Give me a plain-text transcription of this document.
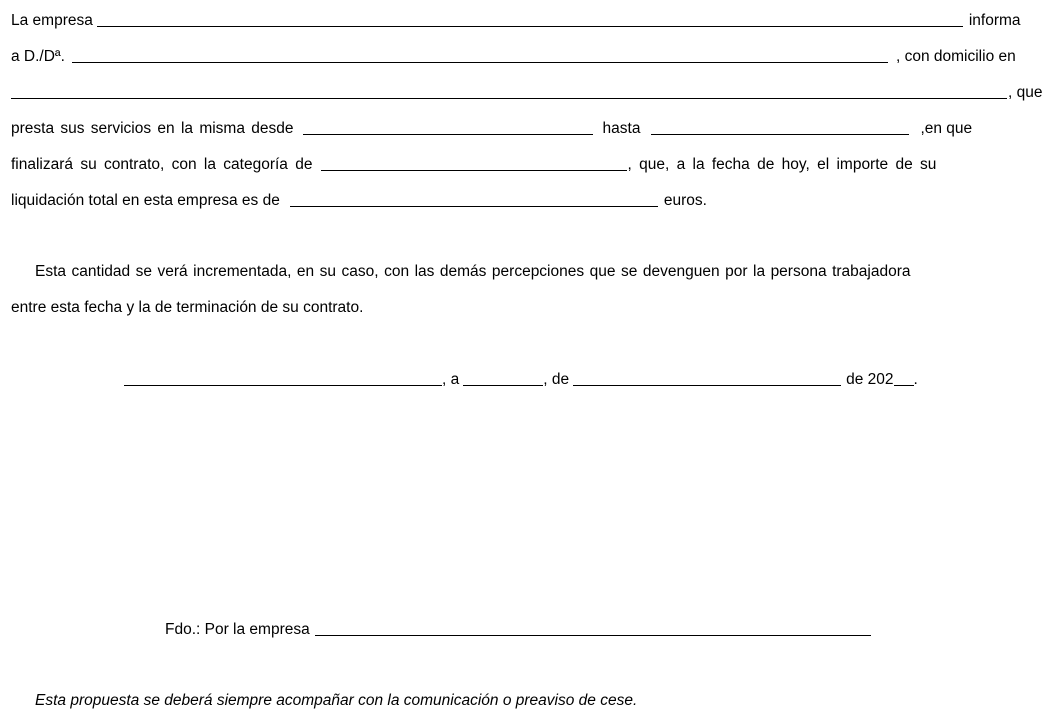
La empresa	informa
a D./Dª.	, con domicilio en
, que
presta sus servicios en la misma desde	hasta	,en que
finalizará su contrato, con la categoría de	, que, a la fecha de hoy, el importe de su
liquidación total en esta empresa es de	euros.
Esta cantidad se verá incrementada, en su caso, con las demás percepciones que se devenguen por la persona trabajadora
entre esta fecha y la de terminación de su contrato.
, a	, de	de 202 .
Fdo.: Por la empresa
Esta propuesta se deberá siempre acompañar con la comunicación o preaviso de cese.
